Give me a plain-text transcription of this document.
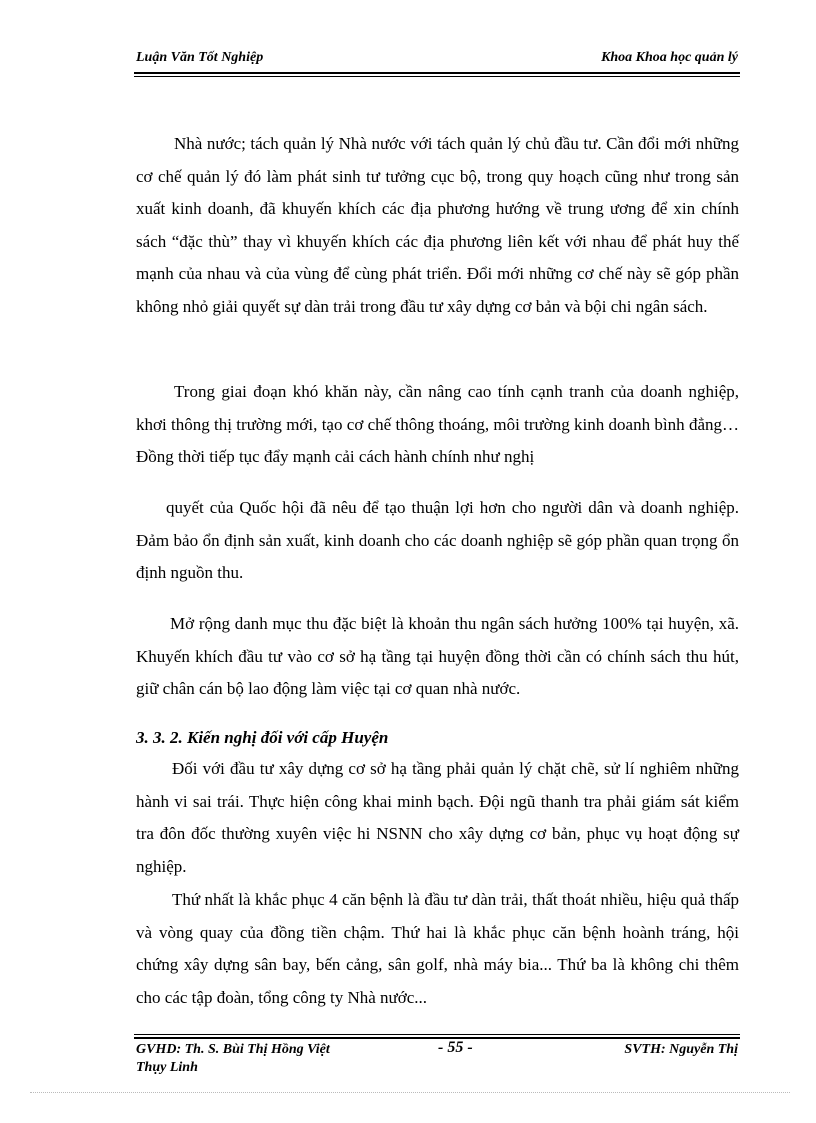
Luận Văn Tốt Nghiệp	Khoa Khoa học quản lý

Nhà nước; tách quản lý Nhà nước với tách quản lý chủ đầu tư. Cần đổi mới những cơ chế quản lý đó làm phát sinh tư tưởng cục bộ, trong quy hoạch cũng như trong sản xuất kinh doanh, đã khuyến khích các địa phương hướng về trung ương để xin chính sách “đặc thù” thay vì khuyến khích các địa phương liên kết với nhau để phát huy thế mạnh của nhau và của vùng để cùng phát triển. Đổi mới những cơ chế này sẽ góp phần không nhỏ giải quyết sự dàn trải trong đầu tư xây dựng cơ bản và bội chi ngân sách.

Trong giai đoạn khó khăn này, cần nâng cao tính cạnh tranh của doanh nghiệp, khơi thông thị trường mới, tạo cơ chế thông thoáng, môi trường kinh doanh bình đẳng… Đồng thời tiếp tục đẩy mạnh cải cách hành chính như nghị

quyết của Quốc hội đã nêu để tạo thuận lợi hơn cho người dân và doanh nghiệp. Đảm bảo ổn định sản xuất, kinh doanh cho các doanh nghiệp sẽ góp phần quan trọng ổn định nguồn thu.

Mở rộng danh mục thu đặc biệt là khoản thu ngân sách hưởng 100% tại huyện, xã. Khuyến khích đầu tư vào cơ sở hạ tầng tại huyện đồng thời cần có chính sách thu hút, giữ chân cán bộ lao động làm việc tại cơ quan nhà nước.

3. 3. 2. Kiến nghị đối với cấp Huyện

Đối với đầu tư xây dựng cơ sở hạ tầng phải quản lý chặt chẽ, sử lí nghiêm những hành vi sai trái. Thực hiện công khai minh bạch. Đội ngũ thanh tra phải giám sát kiểm tra đôn đốc thường xuyên việc hi NSNN cho xây dựng cơ bản, phục vụ hoạt động sự nghiệp.

Thứ nhất là khắc phục 4 căn bệnh là đầu tư dàn trải, thất thoát nhiều, hiệu quả thấp và vòng quay của đồng tiền chậm. Thứ hai là khắc phục căn bệnh hoành tráng, hội chứng xây dựng sân bay, bến cảng, sân golf, nhà máy bia... Thứ ba là không chi thêm cho các tập đoàn, tổng công ty Nhà nước...

GVHD: Th. S. Bùi Thị Hồng Việt	- 55 -	SVTH: Nguyễn Thị
Thụy Linh
